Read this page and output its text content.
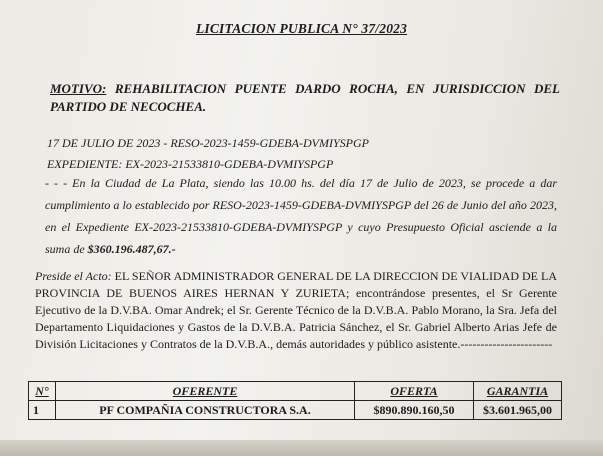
LICITACION PUBLICA N° 37/2023
MOTIVO: REHABILITACION PUENTE DARDO ROCHA, EN JURISDICCION DEL PARTIDO DE NECOCHEA.
17 DE JULIO DE 2023 - RESO-2023-1459-GDEBA-DVMIYSPGP
EXPEDIENTE: EX-2023-21533810-GDEBA-DVMIYSPGP
- - - En la Ciudad de La Plata, siendo las 10.00 hs. del día 17 de Julio de 2023, se procede a dar cumplimiento a lo establecido por RESO-2023-1459-GDEBA-DVMIYSPGP del 26 de Junio del año 2023, en el Expediente EX-2023-21533810-GDEBA-DVMIYSPGP y cuyo Presupuesto Oficial asciende a la suma de $360.196.487,67.-
Preside el Acto: EL SEÑOR ADMINISTRADOR GENERAL DE LA DIRECCION DE VIALIDAD DE LA PROVINCIA DE BUENOS AIRES HERNAN Y ZURIETA; encontrándose presentes, el Sr Gerente Ejecutivo de la D.V.BA. Omar Andrek; el Sr. Gerente Técnico de la D.V.B.A. Pablo Morano, la Sra. Jefa del Departamento Liquidaciones y Gastos de la D.V.B.A. Patricia Sánchez, el Sr. Gabriel Alberto Arias Jefe de División Licitaciones y Contratos de la D.V.B.A., demás autoridades y público asistente.-----------------------
N°	OFERENTE	OFERTA	GARANTIA
1	PF COMPAÑIA CONSTRUCTORA S.A.	$890.890.160,50	$3.601.965,00
